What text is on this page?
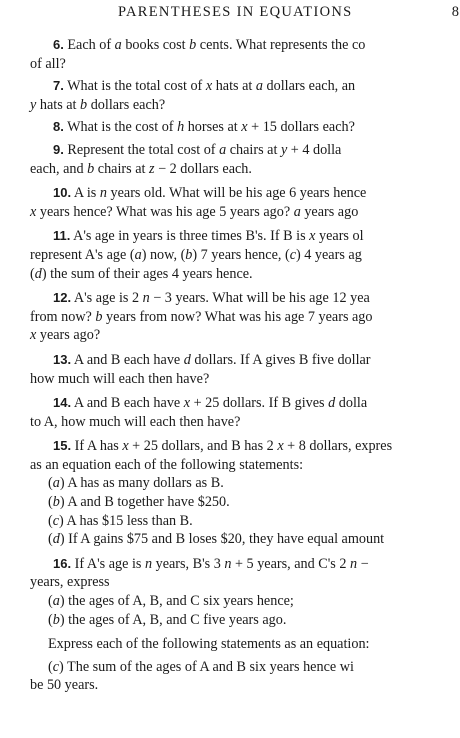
PARENTHESES IN EQUATIONS	8

6. Each of a books cost b cents. What represents the co

of all?

7. What is the total cost of x hats at a dollars each, an

y hats at b dollars each?

8. What is the cost of h horses at x + 15 dollars each?

9. Represent the total cost of a chairs at y + 4 dolla

each, and b chairs at z − 2 dollars each.

10. A is n years old. What will be his age 6 years hence

x years hence? What was his age 5 years ago? a years ago

11. A's age in years is three times B's. If B is x years ol

represent A's age (a) now, (b) 7 years hence, (c) 4 years ag

(d) the sum of their ages 4 years hence.

12. A's age is 2 n − 3 years. What will be his age 12 yea

from now? b years from now? What was his age 7 years ago

x years ago?

13. A and B each have d dollars. If A gives B five dollar

how much will each then have?

14. A and B each have x + 25 dollars. If B gives d dolla

to A, how much will each then have?

15. If A has x + 25 dollars, and B has 2 x + 8 dollars, expres

as an equation each of the following statements:

(a) A has as many dollars as B.

(b) A and B together have $250.

(c) A has $15 less than B.

(d) If A gains $75 and B loses $20, they have equal amount

16. If A's age is n years, B's 3 n + 5 years, and C's 2 n −

years, express

(a) the ages of A, B, and C six years hence;

(b) the ages of A, B, and C five years ago.

Express each of the following statements as an equation:

(c) The sum of the ages of A and B six years hence wi

be 50 years.
